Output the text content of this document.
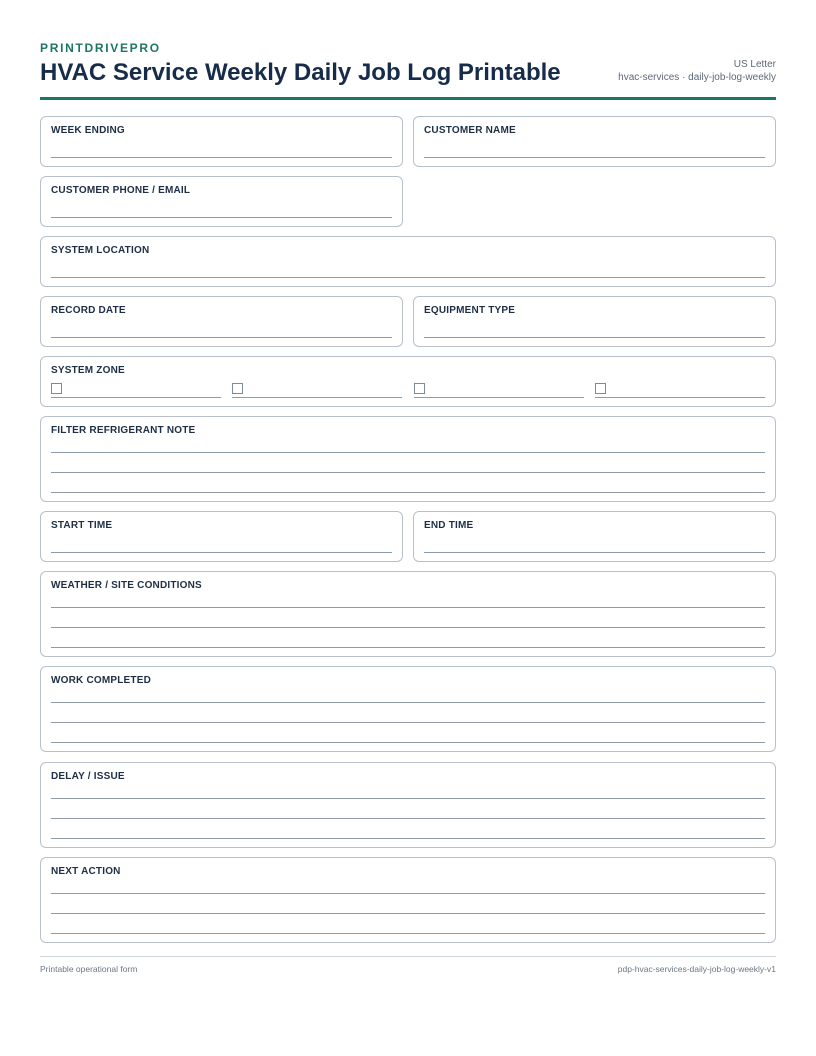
PRINTDRIVEPRO
HVAC Service Weekly Daily Job Log Printable	US Letter
hvac-services · daily-job-log-weekly
WEEK ENDING	CUSTOMER NAME
CUSTOMER PHONE / EMAIL
SYSTEM LOCATION
RECORD DATE	EQUIPMENT TYPE
SYSTEM ZONE
FILTER REFRIGERANT NOTE
START TIME	END TIME
WEATHER / SITE CONDITIONS
WORK COMPLETED
DELAY / ISSUE
NEXT ACTION
Printable operational form	pdp-hvac-services-daily-job-log-weekly-v1
